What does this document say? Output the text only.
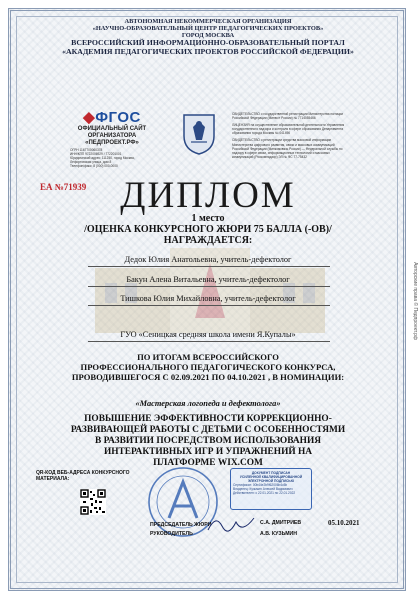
АВТОНОМНАЯ НЕКОММЕРЧЕСКАЯ ОРГАНИЗАЦИЯ
«НАУЧНО-ОБРАЗОВАТЕЛЬНЫЙ ЦЕНТР ПЕДАГОГИЧЕСКИХ ПРОЕКТОВ»
ГОРОД МОСКВА
ВСЕРОССИЙСКИЙ ИНФОРМАЦИОННО-ОБРАЗОВАТЕЛЬНЫЙ ПОРТАЛ
«АКАДЕМИЯ ПЕДАГОГИЧЕСКИХ ПРОЕКТОВ РОССИЙСКОЙ ФЕДЕРАЦИИ»
◆ФГОС
ОФИЦИАЛЬНЫЙ САЙТ
ОРГАНИЗАТОРА
«ПЕДПРОЕКТ.РФ»
ОГРН 1167700060378
ИНН/КПП 9722006929 / 772201001
Юридический адрес: 111250, город Москва,
Лефортовская улица, дом 8
Телефон/факс: 8 (000) 000-0000

СВИДЕТЕЛЬСТВО о государственной регистрации Министерства юстиции Российской Федерации (Минюст России) № 7714055466

ЛИЦЕНЗИЯ на осуществление образовательной деятельности Управления государственного надзора и контроля в сфере образования Департамента образования города Москвы № 041496

СВИДЕТЕЛЬСТВО о регистрации средства массовой информации Министерства цифрового развития, связи и массовых коммуникаций Российской Федерации (Минкомсвязь России) — Федеральной службы по надзору в сфере связи, информационных технологий и массовых коммуникаций (Роскомнадзор) ЭЛ № ФС 77-75432

ЕА №71939 ДИПЛОМ
1 место
/ОЦЕНКА КОНКУРСНОГО ЖЮРИ 75 БАЛЛА (-ОВ)/
НАГРАЖДАЕТСЯ:
Дедок Юлия Анатольевна, учитель-дефектолог
Бакун Алена Витальевна, учитель-дефектолог
Тишкова Юлия Михайловна, учитель-дефектолог
ГУО «Сеницкая средняя школа имени Я.Купалы»
ПО ИТОГАМ ВСЕРОССИЙСКОГО
ПРОФЕССИОНАЛЬНОГО ПЕДАГОГИЧЕСКОГО КОНКУРСА,
ПРОВОДИВШЕГОСЯ С 02.09.2021 ПО 04.10.2021 , В НОМИНАЦИИ:
«Мастерская логопеда и дефектолога»
ПОВЫШЕНИЕ ЭФФЕКТИВНОСТИ КОРРЕКЦИОННО-
РАЗВИВАЮЩЕЙ РАБОТЫ С ДЕТЬМИ С ОСОБЕННОСТЯМИ
В РАЗВИТИИ ПОСРЕДСТВОМ ИСПОЛЬЗОВАНИЯ
ИНТЕРАКТИВНЫХ ИГР И УПРАЖНЕНИЙ НА
ПЛАТФОРМЕ WIX.COM
QR-КОД ВЕБ-АДРЕСА КОНКУРСНОГО МАТЕРИАЛА:
ДОКУМЕНТ ПОДПИСАН
УСИЛЕННОЙ КВАЛИФИЦИРОВАННОЙ
ЭЛЕКТРОННОЙ ПОДПИСЬЮ
Сертификат: 00b44e2b9f62006b4c5b
Владелец: Кузьмин Алексей Вадимович
Действителен: с 22.01.2021 по 22.01.2022
ПРЕДСЕДАТЕЛЬ ЖЮРИ	С.А. ДМИТРИЕВ
РУКОВОДИТЕЛЬ	А.В. КУЗЬМИН
05.10.2021
Авторские права © Педпроект.рф
